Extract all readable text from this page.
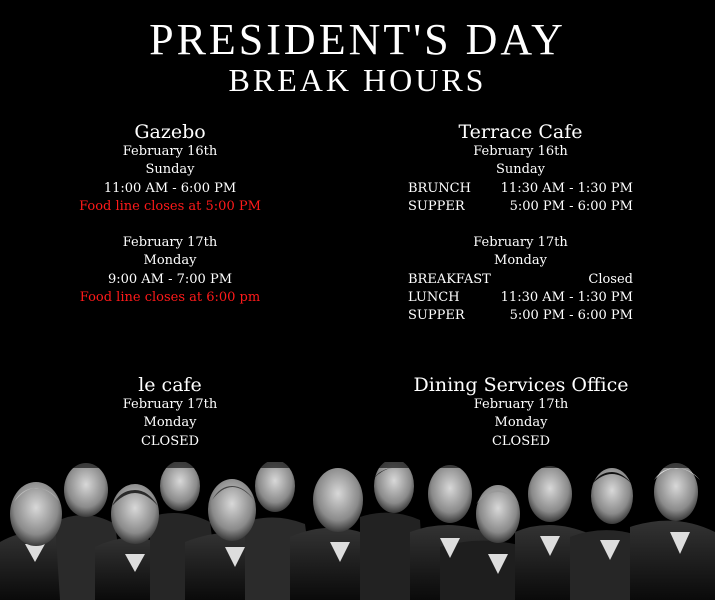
PRESIDENT'S DAY
BREAK HOURS
Gazebo
February 16th
Sunday
11:00 AM - 6:00 PM
Food line closes at 5:00 PM
February 17th
Monday
9:00 AM - 7:00 PM
Food line closes at 6:00 pm
Terrace Cafe
February 16th
Sunday
BRUNCH 11:30 AM - 1:30 PM
SUPPER	5:00 PM - 6:00 PM
February 17th
Monday
BREAKFAST	Closed
LUNCH	11:30 AM - 1:30 PM
SUPPER	5:00 PM - 6:00 PM
le cafe
February 17th
Monday
CLOSED
Dining Services Office
February 17th
Monday
CLOSED
